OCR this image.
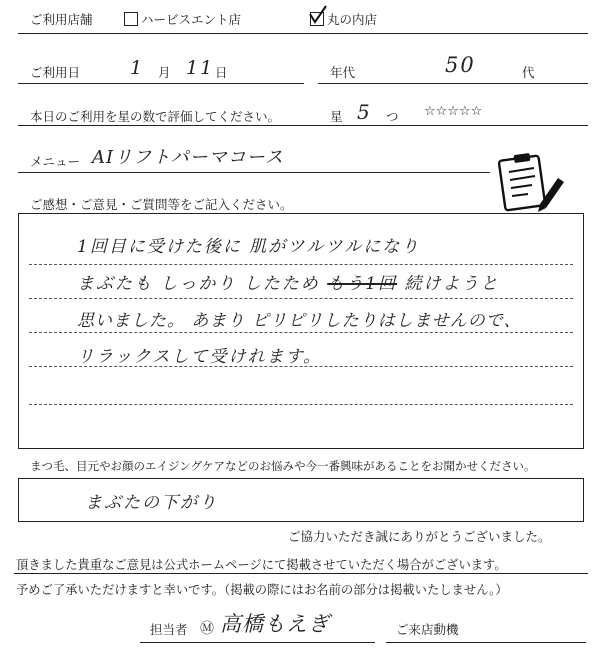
ご利用店舗	ハービスエント店	丸の内店
ご利用日	1 月 11 日	年代	50	代
本日のご利用を星の数で評価してください。	星 5 つ ☆☆☆☆☆
メニュー AIリフトパーマコース
ご感想・ご意見・ご質問等をご記入ください。
1回目に受けた後に 肌がツルツルになり
まぶたも しっかり したため もう1回 続けようと
思いました。 あまり ピリピリしたりはしませんので、
リラックスして受けれます。
まつ毛、目元やお顔のエイジングケアなどのお悩みや今一番興味があることをお聞かせください。
まぶたの下がり
ご協力いただき誠にありがとうございました。
頂きました貴重なご意見は公式ホームページにて掲載させていただく場合がございます。
予めご了承いただけますと幸いです。（掲載の際にはお名前の部分は掲載いたしません。）
担当者 Ⓜ 高橋もえぎ	ご来店動機
